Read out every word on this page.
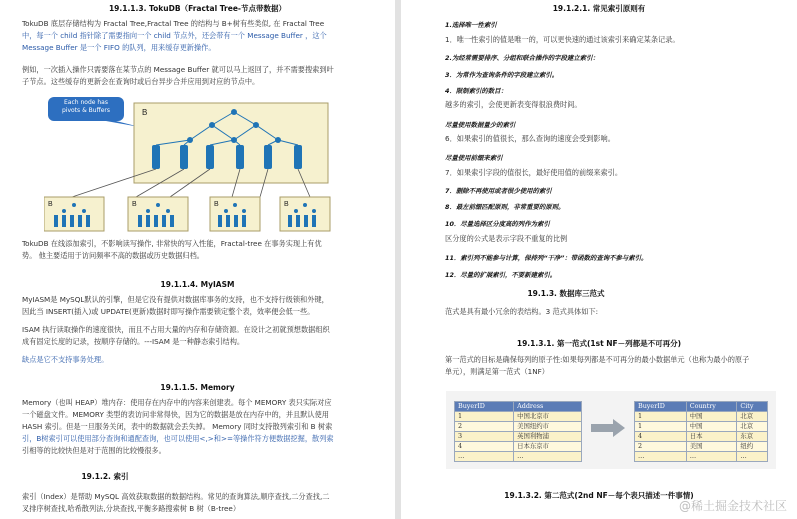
19.1.1.3. TokuDB（Fractal Tree-节点带数据）
TokuDB 底层存储结构为 Fractal Tree,Fractal Tree 的结构与 B+树有些类似, 在 Fractal Tree
中，每一个 child 指针除了需要指向一个 child 节点外，还会带有一个 Message Buffer ，这个
Message Buffer 是一个 FIFO 的队列，用来缓存更新操作。
例如，一次插入操作只需要落在某节点的 Message Buffer 就可以马上返回了，并不需要搜索到叶
子节点。这些缓存的更新会在查询时或后台异步合并应用到对应的节点中。
Each node has
pivots & Buffers	B
B	B	B	B
TokuDB 在线添加索引，不影响读写操作, 非常快的写入性能，Fractal-tree 在事务实现上有优
势。 他主要适用于访问频率不高的数据或历史数据归档。
19.1.1.4. MyIASM
MyIASM是 MySQL默认的引擎，但是它没有提供对数据库事务的支持，也不支持行级锁和外键，
因此当 INSERT(插入)或 UPDATE(更新)数据时即写操作需要锁定整个表，效率便会低一些。
ISAM 执行读取操作的速度很快，而且不占用大量的内存和存储资源。在设计之初就预想数据组织
成有固定长度的记录，按顺序存储的。---ISAM 是一种静态索引结构。
缺点是它不支持事务处理。
19.1.1.5. Memory
Memory（也叫 HEAP）堆内存：使用存在内存中的内容来创建表。每个 MEMORY 表只实际对应
一个磁盘文件。MEMORY 类型的表访问非常得快，因为它的数据是放在内存中的，并且默认使用
HASH 索引。但是一旦服务关闭，表中的数据就会丢失掉。 Memory 同时支持散列索引和 B 树索
引，B树索引可以使用部分查询和通配查询，也可以使用<,>和>=等操作符方便数据挖掘，散列索
引相等的比较快但是对于范围的比较慢很多。
19.1.2. 索引
索引（Index）是帮助 MySQL 高效获取数据的数据结构。常见的查询算法,顺序查找,二分查找,二
叉排序树查找,哈希散列法,分块查找,平衡多路搜索树 B 树（B-tree）
19.1.2.1. 常见索引原则有
1.选择唯一性索引
1．唯一性索引的值是唯一的，可以更快速的通过该索引来确定某条记录。
2.为经常需要排序、分组和联合操作的字段建立索引：
3．为常作为查询条件的字段建立索引。
4．限制索引的数目：
越多的索引，会使更新表变得很浪费时间。
尽量使用数据量少的索引
6．如果索引的值很长，那么查询的速度会受到影响。
尽量使用前缀来索引
7．如果索引字段的值很长，最好使用值的前缀来索引。
7．删除不再使用或者很少使用的索引
8．最左前缀匹配原则，非常重要的原则。
10．尽量选择区分度高的列作为索引
区分度的公式是表示字段不重复的比例
11．索引列不能参与计算，保持列“干净”：带函数的查询不参与索引。
12．尽量的扩展索引，不要新建索引。
19.1.3. 数据库三范式
范式是具有最小冗余的表结构。3 范式具体如下:
19.1.3.1. 第一范式(1st NF－列都是不可再分)
第一范式的目标是确保每列的原子性:如果每列都是不可再分的最小数据单元（也称为最小的原子
单元），则满足第一范式（1NF）
BuyerID	Address
1	中国北京市
2	美国纽约市
3	英国利物浦
4	日本东京市
…	…
BuyerID	Country	City
1	中国	北京
1	中国	北京
4	日本	东京
2	美国	纽约
…	…	…
19.1.3.2. 第二范式(2nd NF－每个表只描述一件事情)
@稀土掘金技术社区
